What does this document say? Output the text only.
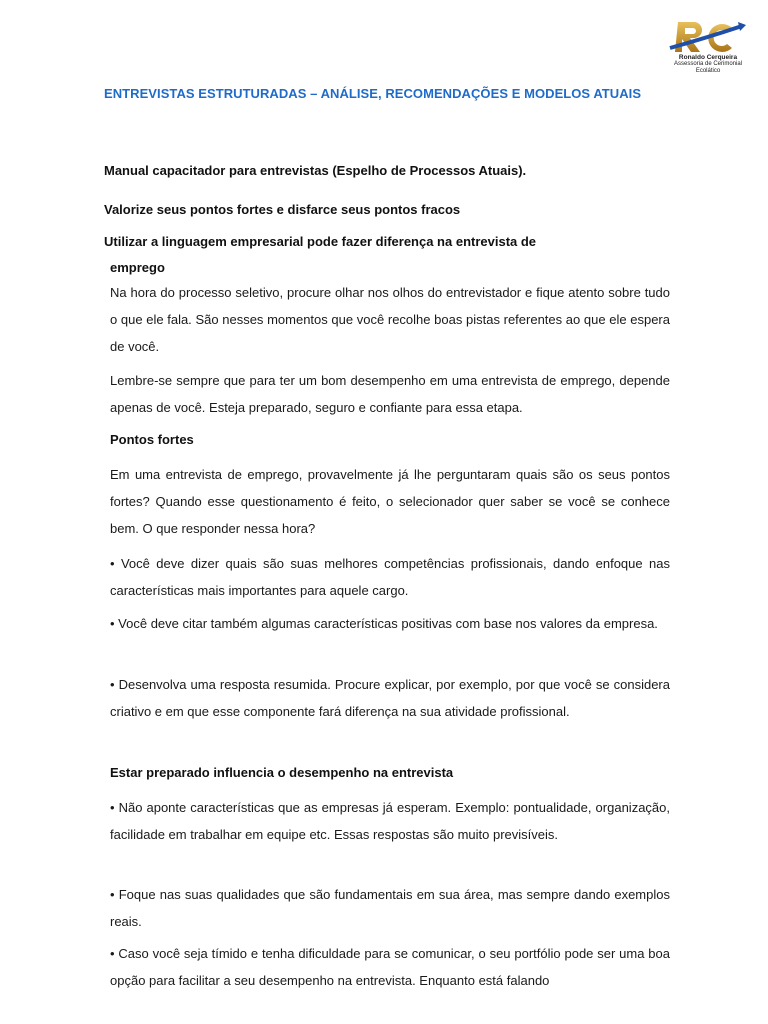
Ronaldo Cerqueira
Assessoria de Cerimonial Ecolático
ENTREVISTAS ESTRUTURADAS – ANÁLISE, RECOMENDAÇÕES E MODELOS ATUAIS

Manual capacitador para entrevistas (Espelho de Processos Atuais).

Valorize seus pontos fortes e disfarce seus pontos fracos

Utilizar a linguagem empresarial pode fazer diferença na entrevista de

emprego

Na hora do processo seletivo, procure olhar nos olhos do entrevistador e fique atento sobre tudo o que ele fala. São nesses momentos que você recolhe boas pistas referentes ao que ele espera de você.

Lembre-se sempre que para ter um bom desempenho em uma entrevista de emprego, depende apenas de você. Esteja preparado, seguro e confiante para essa etapa.

Pontos fortes

Em uma entrevista de emprego, provavelmente já lhe perguntaram quais são os seus pontos fortes? Quando esse questionamento é feito, o selecionador quer saber se você se conhece bem. O que responder nessa hora?

• Você deve dizer quais são suas melhores competências profissionais, dando enfoque nas características mais importantes para aquele cargo.

• Você deve citar também algumas características positivas com base nos valores da empresa.

• Desenvolva uma resposta resumida. Procure explicar, por exemplo, por que você se considera criativo e em que esse componente fará diferença na sua atividade profissional.

Estar preparado influencia o desempenho na entrevista

• Não aponte características que as empresas já esperam. Exemplo: pontualidade, organização, facilidade em trabalhar em equipe etc. Essas respostas são muito previsíveis.

• Foque nas suas qualidades que são fundamentais em sua área, mas sempre dando exemplos reais.

• Caso você seja tímido e tenha dificuldade para se comunicar, o seu portfólio pode ser uma boa opção para facilitar a seu desempenho na entrevista. Enquanto está falando
